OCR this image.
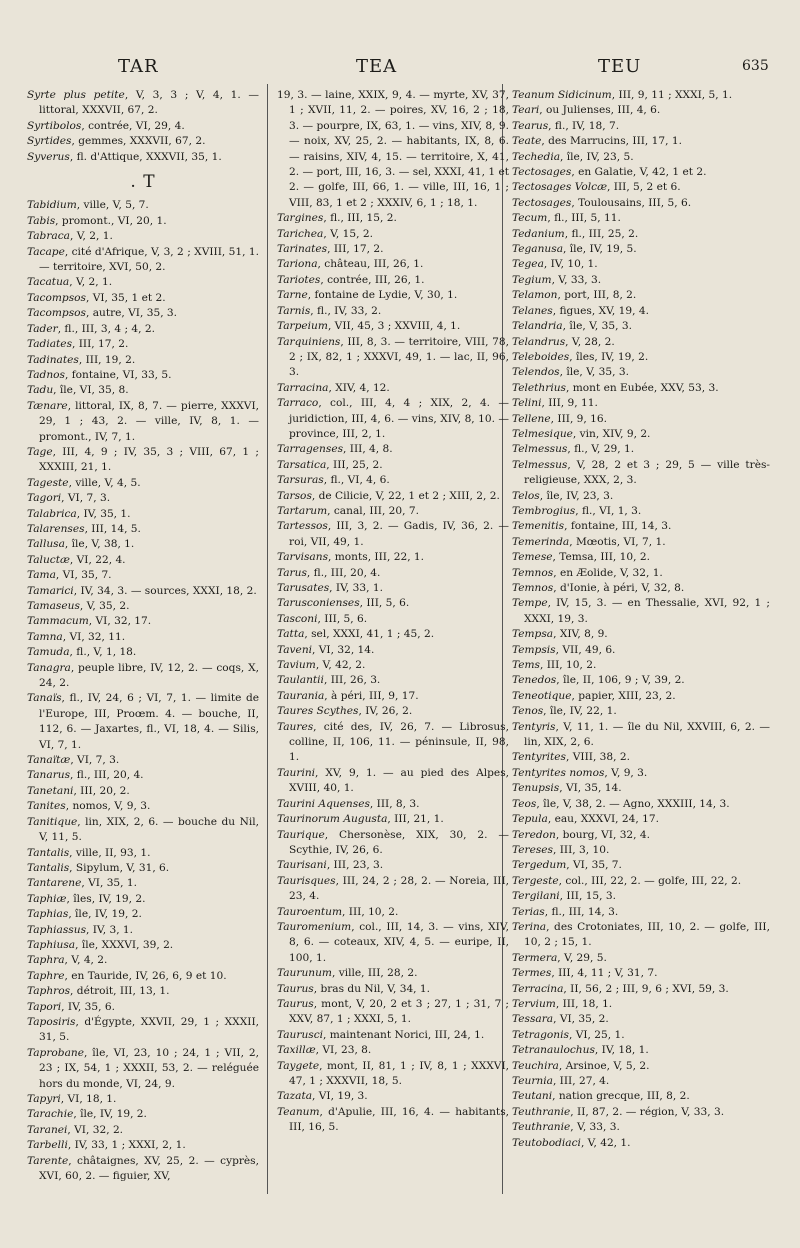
TAR	TEA	TEU	635

Syrte plus petite, V, 3, 3 ; V, 4, 1. — littoral, XXXVII, 67, 2.

Syrtibolos, contrée, VI, 29, 4.

Syrtides, gemmes, XXXVII, 67, 2.

Syverus, fl. d'Attique, XXXVII, 35, 1.

. T

Tabidium, ville, V, 5, 7.

Tabis, promont., VI, 20, 1.

Tabraca, V, 2, 1.

Tacape, cité d'Afrique, V, 3, 2 ; XVIII, 51, 1. — territoire, XVI, 50, 2.

Tacatua, V, 2, 1.

Tacompsos, VI, 35, 1 et 2.

Tacompsos, autre, VI, 35, 3.

Tader, fl., III, 3, 4 ; 4, 2.

Tadiates, III, 17, 2.

Tadinates, III, 19, 2.

Tadnos, fontaine, VI, 33, 5.

Tadu, île, VI, 35, 8.

Tænare, littoral, IX, 8, 7. — pierre, XXXVI, 29, 1 ; 43, 2. — ville, IV, 8, 1. — promont., IV, 7, 1.

Tage, III, 4, 9 ; IV, 35, 3 ; VIII, 67, 1 ; XXXIII, 21, 1.

Tageste, ville, V, 4, 5.

Tagori, VI, 7, 3.

Talabrica, IV, 35, 1.

Talarenses, III, 14, 5.

Tallusa, île, V, 38, 1.

Taluctæ, VI, 22, 4.

Tama, VI, 35, 7.

Tamarici, IV, 34, 3. — sources, XXXI, 18, 2.

Tamaseus, V, 35, 2.

Tammacum, VI, 32, 17.

Tamna, VI, 32, 11.

Tamuda, fl., V, 1, 18.

Tanagra, peuple libre, IV, 12, 2. — coqs, X, 24, 2.

Tanaïs, fl., IV, 24, 6 ; VI, 7, 1. — limite de l'Europe, III, Proœm. 4. — bouche, II, 112, 6. — Jaxartes, fl., VI, 18, 4. — Silis, VI, 7, 1.

Tanaïtæ, VI, 7, 3.

Tanarus, fl., III, 20, 4.

Tanetani, III, 20, 2.

Tanites, nomos, V, 9, 3.

Tanitique, lin, XIX, 2, 6. — bouche du Nil, V, 11, 5.

Tantalis, ville, II, 93, 1.

Tantalis, Sipylum, V, 31, 6.

Tantarene, VI, 35, 1.

Taphiæ, îles, IV, 19, 2.

Taphias, île, IV, 19, 2.

Taphiassus, IV, 3, 1.

Taphiusa, île, XXXVI, 39, 2.

Taphra, V, 4, 2.

Taphre, en Tauride, IV, 26, 6, 9 et 10.

Taphros, détroit, III, 13, 1.

Tapori, IV, 35, 6.

Taposiris, d'Égypte, XXVII, 29, 1 ; XXXII, 31, 5.

Taprobane, île, VI, 23, 10 ; 24, 1 ; VII, 2, 23 ; IX, 54, 1 ; XXXII, 53, 2. — reléguée hors du monde, VI, 24, 9.

Tapyri, VI, 18, 1.

Tarachie, île, IV, 19, 2.

Taranei, VI, 32, 2.

Tarbelli, IV, 33, 1 ; XXXI, 2, 1.

Tarente, châtaignes, XV, 25, 2. — cyprès, XVI, 60, 2. — figuier, XV,

19, 3. — laine, XXIX, 9, 4. — myrte, XV, 37, 1 ; XVII, 11, 2. — poires, XV, 16, 2 ; 18, 3. — pourpre, IX, 63, 1. — vins, XIV, 8, 9. — noix, XV, 25, 2. — habitants, IX, 8, 6. — raisins, XIV, 4, 15. — territoire, X, 41, 2. — port, III, 16, 3. — sel, XXXI, 41, 1 et 2. — golfe, III, 66, 1. — ville, III, 16, 1 ; VIII, 83, 1 et 2 ; XXXIV, 6, 1 ; 18, 1.

Targines, fl., III, 15, 2.

Tarichea, V, 15, 2.

Tarinates, III, 17, 2.

Tariona, château, III, 26, 1.

Tariotes, contrée, III, 26, 1.

Tarne, fontaine de Lydie, V, 30, 1.

Tarnis, fl., IV, 33, 2.

Tarpeium, VII, 45, 3 ; XXVIII, 4, 1.

Tarquiniens, III, 8, 3. — territoire, VIII, 78, 2 ; IX, 82, 1 ; XXXVI, 49, 1. — lac, II, 96, 3.

Tarracina, XIV, 4, 12.

Tarraco, col., III, 4, 4 ; XIX, 2, 4. — juridiction, III, 4, 6. — vins, XIV, 8, 10. — province, III, 2, 1.

Tarragenses, III, 4, 8.

Tarsatica, III, 25, 2.

Tarsuras, fl., VI, 4, 6.

Tarsos, de Cilicie, V, 22, 1 et 2 ; XIII, 2, 2.

Tartarum, canal, III, 20, 7.

Tartessos, III, 3, 2. — Gadis, IV, 36, 2. — roi, VII, 49, 1.

Tarvisans, monts, III, 22, 1.

Tarus, fl., III, 20, 4.

Tarusates, IV, 33, 1.

Tarusconienses, III, 5, 6.

Tasconi, III, 5, 6.

Tatta, sel, XXXI, 41, 1 ; 45, 2.

Taveni, VI, 32, 14.

Tavium, V, 42, 2.

Taulantii, III, 26, 3.

Taurania, à péri, III, 9, 17.

Taures Scythes, IV, 26, 2.

Taures, cité des, IV, 26, 7. — Librosus, colline, II, 106, 11. — péninsule, II, 98, 1.

Taurini, XV, 9, 1. — au pied des Alpes, XVIII, 40, 1.

Taurini Aquenses, III, 8, 3.

Taurinorum Augusta, III, 21, 1.

Taurique, Chersonèse, XIX, 30, 2. — Scythie, IV, 26, 6.

Taurisani, III, 23, 3.

Taurisques, III, 24, 2 ; 28, 2. — Noreia, III, 23, 4.

Tauroentum, III, 10, 2.

Tauromenium, col., III, 14, 3. — vins, XIV, 8, 6. — coteaux, XIV, 4, 5. — euripe, II, 100, 1.

Taurunum, ville, III, 28, 2.

Taurus, bras du Nil, V, 34, 1.

Taurus, mont, V, 20, 2 et 3 ; 27, 1 ; 31, 7 ; XXV, 87, 1 ; XXXI, 5, 1.

Taurusci, maintenant Norici, III, 24, 1.

Taxillæ, VI, 23, 8.

Taygete, mont, II, 81, 1 ; IV, 8, 1 ; XXXVI, 47, 1 ; XXXVII, 18, 5.

Tazata, VI, 19, 3.

Teanum, d'Apulie, III, 16, 4. — habitants, III, 16, 5.

Teanum Sidicinum, III, 9, 11 ; XXXI, 5, 1.

Teari, ou Julienses, III, 4, 6.

Tearus, fl., IV, 18, 7.

Teate, des Marrucins, III, 17, 1.

Techedia, île, IV, 23, 5.

Tectosages, en Galatie, V, 42, 1 et 2.

Tectosages Volcæ, III, 5, 2 et 6.

Tectosages, Toulousains, III, 5, 6.

Tecum, fl., III, 5, 11.

Tedanium, fl., III, 25, 2.

Teganusa, île, IV, 19, 5.

Tegea, IV, 10, 1.

Tegium, V, 33, 3.

Telamon, port, III, 8, 2.

Telanes, figues, XV, 19, 4.

Telandria, île, V, 35, 3.

Telandrus, V, 28, 2.

Teleboides, îles, IV, 19, 2.

Telendos, île, V, 35, 3.

Telethrius, mont en Eubée, XXV, 53, 3.

Telini, III, 9, 11.

Tellene, III, 9, 16.

Telmesique, vin, XIV, 9, 2.

Telmessus, fl., V, 29, 1.

Telmessus, V, 28, 2 et 3 ; 29, 5 — ville très-religieuse, XXX, 2, 3.

Telos, île, IV, 23, 3.

Tembrogius, fl., VI, 1, 3.

Temenitis, fontaine, III, 14, 3.

Temerinda, Mœotis, VI, 7, 1.

Temese, Temsa, III, 10, 2.

Temnos, en Æolide, V, 32, 1.

Temnos, d'Ionie, à péri, V, 32, 8.

Tempe, IV, 15, 3. — en Thessalie, XVI, 92, 1 ; XXXI, 19, 3.

Tempsa, XIV, 8, 9.

Tempsis, VII, 49, 6.

Tems, III, 10, 2.

Tenedos, île, II, 106, 9 ; V, 39, 2.

Teneotique, papier, XIII, 23, 2.

Tenos, île, IV, 22, 1.

Tentyris, V, 11, 1. — île du Nil, XXVIII, 6, 2. — lin, XIX, 2, 6.

Tentyrites, VIII, 38, 2.

Tentyrites nomos, V, 9, 3.

Tenupsis, VI, 35, 14.

Teos, île, V, 38, 2. — Agno, XXXIII, 14, 3.

Tepula, eau, XXXVI, 24, 17.

Teredon, bourg, VI, 32, 4.

Tereses, III, 3, 10.

Tergedum, VI, 35, 7.

Tergeste, col., III, 22, 2. — golfe, III, 22, 2.

Tergilani, III, 15, 3.

Terias, fl., III, 14, 3.

Terina, des Crotoniates, III, 10, 2. — golfe, III, 10, 2 ; 15, 1.

Termera, V, 29, 5.

Termes, III, 4, 11 ; V, 31, 7.

Terracina, II, 56, 2 ; III, 9, 6 ; XVI, 59, 3.

Tervium, III, 18, 1.

Tessara, VI, 35, 2.

Tetragonis, VI, 25, 1.

Tetranaulochus, IV, 18, 1.

Teuchira, Arsinoe, V, 5, 2.

Teurnia, III, 27, 4.

Teutani, nation grecque, III, 8, 2.

Teuthranie, II, 87, 2. — région, V, 33, 3.

Teuthranie, V, 33, 3.

Teutobodiaci, V, 42, 1.
